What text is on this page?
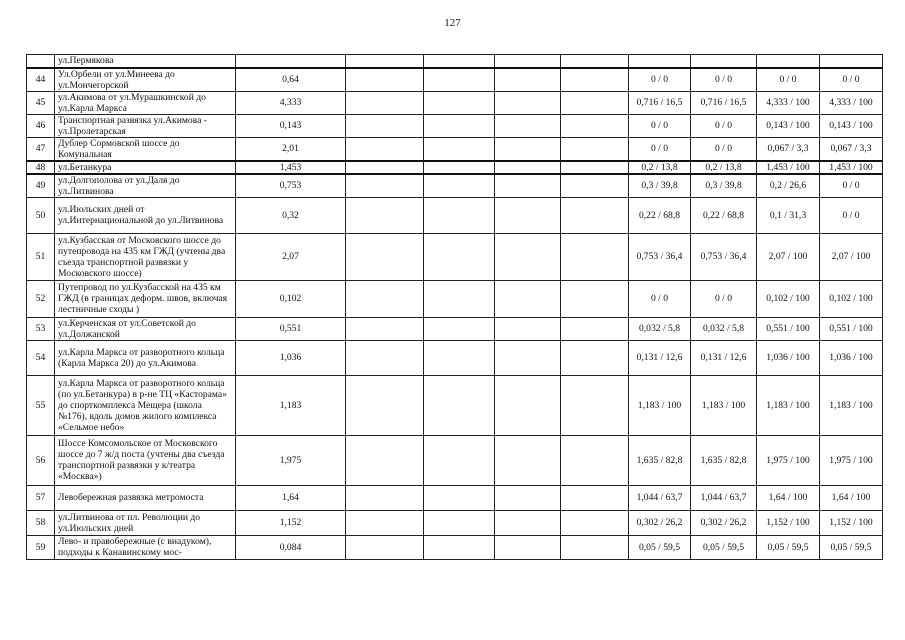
127
	ул.Пермякова									
44	Ул.Орбели от ул.Минеева до ул.Мончегорской	0,64					0 / 0	0 / 0	0 / 0	0 / 0
45	ул.Акимова от ул.Мурашкинской до ул.Карла Маркса	4,333					0,716 / 16,5	0,716 / 16,5	4,333 / 100	4,333 / 100
46	Транспортная развязка ул.Акимова - ул.Пролетарская	0,143					0 / 0	0 / 0	0,143 / 100	0,143 / 100
47	Дублер Сормовской шоссе до Комунальная	2,01					0 / 0	0 / 0	0,067 / 3,3	0,067 / 3,3
48	ул.Бетанкура	1,453					0,2 / 13,8	0,2 / 13,8	1,453 / 100	1,453 / 100
49	ул.Долгополова от ул.Даля до ул.Литвинова	0,753					0,3 / 39,8	0,3 / 39,8	0,2 / 26,6	0 / 0
50	ул.Июльских дней от ул.Интернациональной до ул.Литвинова	0,32					0,22 / 68,8	0,22 / 68,8	0,1 / 31,3	0 / 0
51	ул.Кузбасская от Московского шоссе до путепровода на 435 км ГЖД (учтены два съезда транспортной развязки у Московского шоссе)	2,07					0,753 / 36,4	0,753 / 36,4	2,07 / 100	2,07 / 100
52	Путепровод по ул.Кузбасской на 435 км ГЖД (в границах деформ. швов, включая лестничные сходы )	0,102					0 / 0	0 / 0	0,102 / 100	0,102 / 100
53	ул.Керченская от ул.Советской до ул.Должанской	0,551					0,032 / 5,8	0,032 / 5,8	0,551 / 100	0,551 / 100
54	ул.Карла Маркса от разворотного кольца (Карла Маркса 20) до ул.Акимова	1,036					0,131 / 12,6	0,131 / 12,6	1,036 / 100	1,036 / 100
55	ул.Карла Маркса от разворотного кольца (по ул.Бетанкура) в р-не ТЦ «Касторама» до спорткомплекса Мещера (школа №176), вдоль домов жилого комплекса «Сельмое небо»	1,183					1,183 / 100	1,183 / 100	1,183 / 100	1,183 / 100
56	Шоссе Комсомольское от Московского шоссе до 7 ж/д поста (учтены два съезда транспортной развязки у к/театра «Москва»)	1,975					1,635 / 82,8	1,635 / 82,8	1,975 / 100	1,975 / 100
57	Левобережная развязка метромоста	1,64					1,044 / 63,7	1,044 / 63,7	1,64 / 100	1,64 / 100
58	ул.Литвинова от пл. Революции до ул.Июльских дней	1,152					0,302 / 26,2	0,302 / 26,2	1,152 / 100	1,152 / 100
59	Лево- и правобережные (с виадуком), подходы к Канавинскому мос-	0,084					0,05 / 59,5	0,05 / 59,5	0,05 / 59,5	0,05 / 59,5
